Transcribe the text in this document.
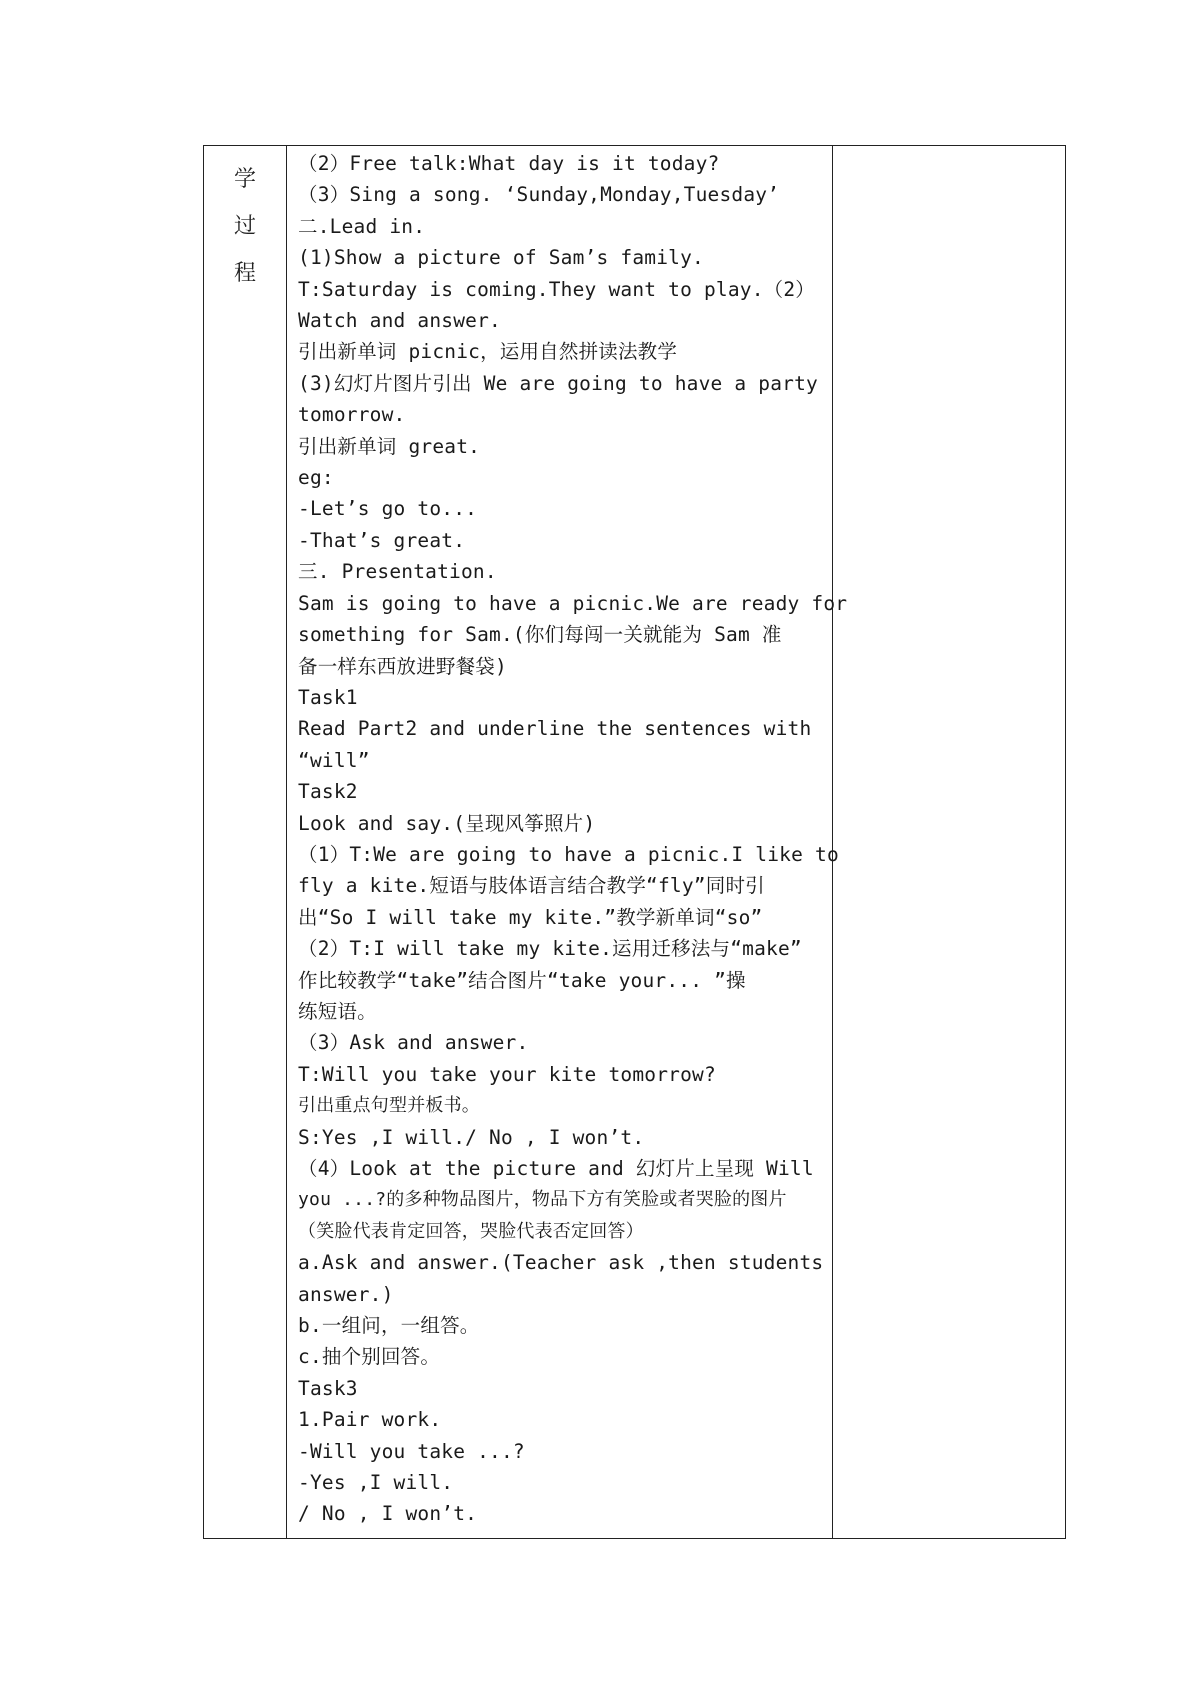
学
过
程

（2）Free talk:What day is it today?

（3）Sing a song. ‘Sunday,Monday,Tuesday’

二.Lead in.

(1)Show a picture of Sam’s family.

T:Saturday is coming.They want to play.（2）

Watch and answer.

引出新单词 picnic，运用自然拼读法教学

(3)幻灯片图片引出 We are going to have a party

tomorrow.

引出新单词 great.

eg:

-Let’s go to...

-That’s great.

三. Presentation.

Sam is going to have a picnic.We are ready for

something for Sam.(你们每闯一关就能为 Sam 准

备一样东西放进野餐袋)

Task1

Read Part2 and underline the sentences with

“will”

Task2

Look and say.(呈现风筝照片)

（1）T:We are going to have a picnic.I like to

fly a kite.短语与肢体语言结合教学“fly”同时引

出“So I will take my kite.”教学新单词“so”

（2）T:I will take my kite.运用迁移法与“make”

作比较教学“take”结合图片“take your... ”操

练短语。

（3）Ask and answer.

T:Will you take your kite tomorrow?

引出重点句型并板书。

S:Yes ,I will./ No , I won’t.

（4）Look at the picture and 幻灯片上呈现 Will

you ...?的多种物品图片，物品下方有笑脸或者哭脸的图片

（笑脸代表肯定回答，哭脸代表否定回答）

a.Ask and answer.(Teacher ask ,then students

answer.)

b.一组问，一组答。

c.抽个别回答。

Task3

1.Pair work.

-Will you take ...?

-Yes ,I will.

/ No , I won’t.
